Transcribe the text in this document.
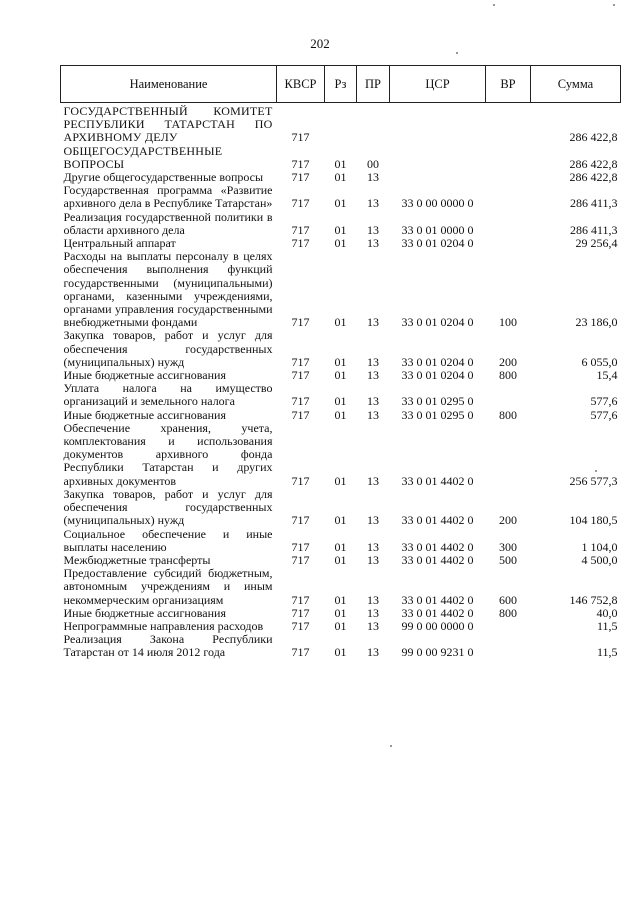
202
Наименование	КВСР	Рз	ПР	ЦСР	ВР	Сумма
ГОСУДАРСТВЕННЫЙ КОМИТЕТ РЕСПУБЛИКИ ТАТАРСТАН ПО АРХИВНОМУ ДЕЛУ	717					286 422,8
ОБЩЕГОСУДАРСТВЕННЫЕ ВОПРОСЫ	717	01	00			286 422,8
Другие общегосударственные вопросы	717	01	13			286 422,8
Государственная программа «Развитие архивного дела в Республике Татарстан»	717	01	13	33 0 00 0000 0		286 411,3
Реализация государственной политики в области архивного дела	717	01	13	33 0 01 0000 0		286 411,3
Центральный аппарат	717	01	13	33 0 01 0204 0		29 256,4
Расходы на выплаты персоналу в целях обеспечения выполнения функций государственными (муниципальными) органами, казенными учреждениями, органами управления государственными внебюджетными фондами	717	01	13	33 0 01 0204 0	100	23 186,0
Закупка товаров, работ и услуг для обеспечения государственных (муниципальных) нужд	717	01	13	33 0 01 0204 0	200	6 055,0
Иные бюджетные ассигнования	717	01	13	33 0 01 0204 0	800	15,4
Уплата налога на имущество организаций и земельного налога	717	01	13	33 0 01 0295 0		577,6
Иные бюджетные ассигнования	717	01	13	33 0 01 0295 0	800	577,6
Обеспечение хранения, учета, комплектования и использования документов архивного фонда Республики Татарстан и других архивных документов	717	01	13	33 0 01 4402 0		256 577,3
Закупка товаров, работ и услуг для обеспечения государственных (муниципальных) нужд	717	01	13	33 0 01 4402 0	200	104 180,5
Социальное обеспечение и иные выплаты населению	717	01	13	33 0 01 4402 0	300	1 104,0
Межбюджетные трансферты	717	01	13	33 0 01 4402 0	500	4 500,0
Предоставление субсидий бюджетным, автономным учреждениям и иным некоммерческим организациям	717	01	13	33 0 01 4402 0	600	146 752,8
Иные бюджетные ассигнования	717	01	13	33 0 01 4402 0	800	40,0
Непрограммные направления расходов	717	01	13	99 0 00 0000 0		11,5
Реализация Закона Республики Татарстан от 14 июля 2012 года	717	01	13	99 0 00 9231 0		11,5
